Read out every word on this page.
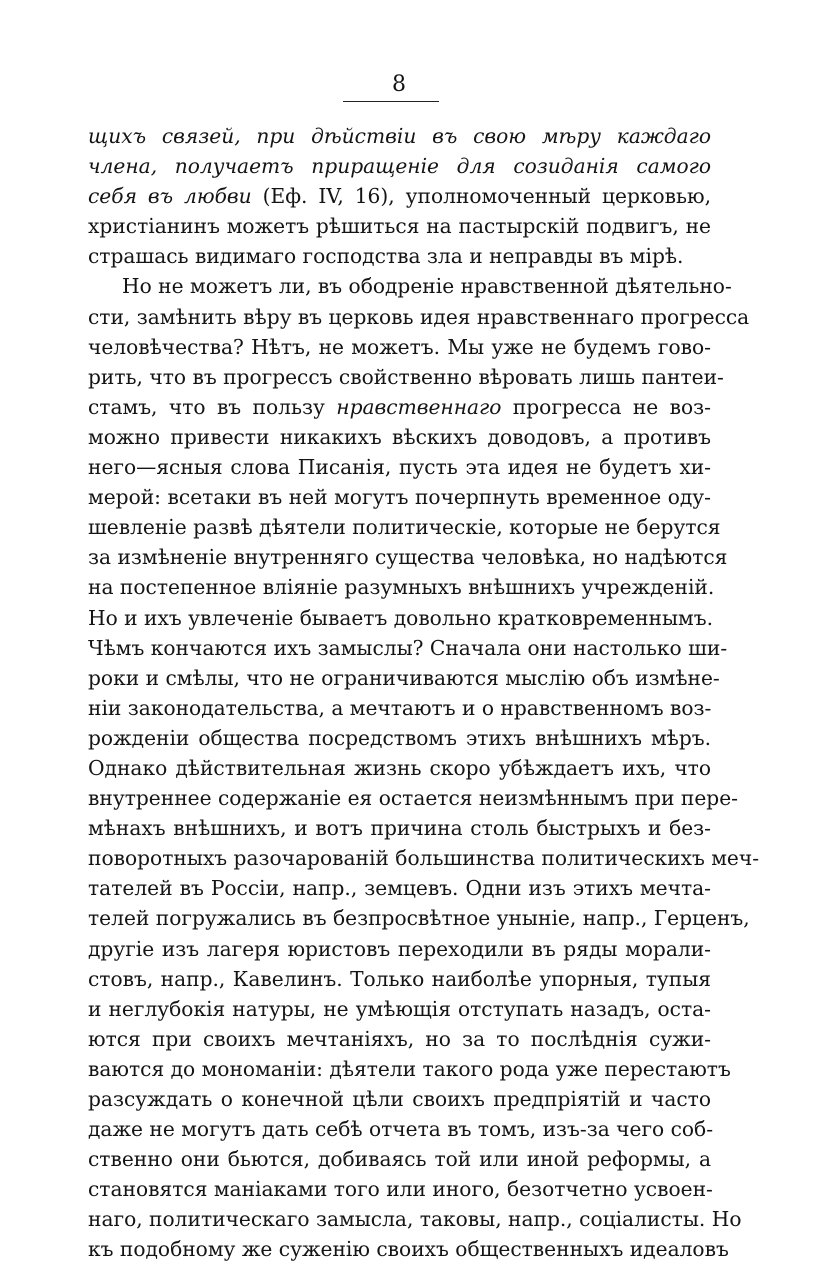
8
щихъ связей, при дѣйствіи въ свою мѣру каждаго
члена, получаетъ приращеніе для созиданія самого
себя въ любви (Еф. IV, 16), уполномоченный церковью,
христіанинъ можетъ рѣшиться на пастырскій подвигъ, не
страшась видимаго господства зла и неправды въ мірѣ.
Но не можетъ ли, въ ободреніе нравственной дѣятельно-
сти, замѣнить вѣру въ церковь идея нравственнаго прогресса
человѣчества? Нѣтъ, не можетъ. Мы уже не будемъ гово-
рить, что въ прогрессъ свойственно вѣровать лишь пантеи-
стамъ, что въ пользу нравственнаго прогресса не воз-
можно привести никакихъ вѣскихъ доводовъ, а противъ
него—ясныя слова Писанія, пусть эта идея не будетъ хи-
мерой: всетаки въ ней могутъ почерпнуть временное оду-
шевленіе развѣ дѣятели политическіе, которые не берутся
за измѣненіе внутренняго существа человѣка, но надѣются
на постепенное вліяніе разумныхъ внѣшнихъ учрежденій.
Но и ихъ увлеченіе бываетъ довольно кратковременнымъ.
Чѣмъ кончаются ихъ замыслы? Сначала они настолько ши-
роки и смѣлы, что не ограничиваются мыслію объ измѣне-
ніи законодательства, а мечтаютъ и о нравственномъ воз-
рожденіи общества посредствомъ этихъ внѣшнихъ мѣръ.
Однако дѣйствительная жизнь скоро убѣждаетъ ихъ, что
внутреннее содержаніе ея остается неизмѣннымъ при пере-
мѣнахъ внѣшнихъ, и вотъ причина столь быстрыхъ и без-
поворотныхъ разочарованій большинства политическихъ меч-
тателей въ Россіи, напр., земцевъ. Одни изъ этихъ мечта-
телей погружались въ безпросвѣтное уныніе, напр., Герценъ,
другіе изъ лагеря юристовъ переходили въ ряды морали-
стовъ, напр., Кавелинъ. Только наиболѣе упорныя, тупыя
и неглубокія натуры, не умѣющія отступать назадъ, оста-
ются при своихъ мечтаніяхъ, но за то послѣднія сужи-
ваются до мономаніи: дѣятели такого рода уже перестаютъ
разсуждать о конечной цѣли своихъ предпріятій и часто
даже не могутъ дать себѣ отчета въ томъ, изъ-за чего соб-
ственно они бьются, добиваясь той или иной реформы, а
становятся маніаками того или иного, безотчетно усвоен-
наго, политическаго замысла, таковы, напр., соціалисты. Но
къ подобному же суженію своихъ общественныхъ идеаловъ
